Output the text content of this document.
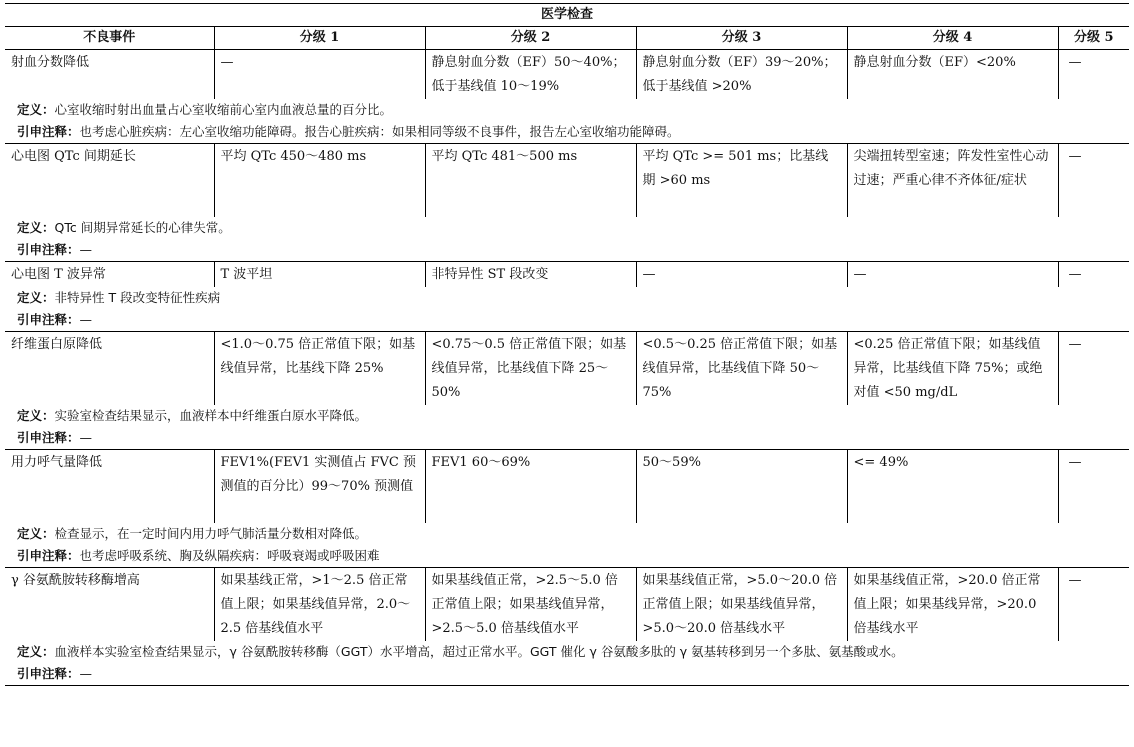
医学检查					
不良事件	分级 1	分级 2	分级 3	分级 4	分级 5
射血分数降低	—	静息射血分数（EF）50～40%；低于基线值 10～19%	静息射血分数（EF）39～20%；低于基线值 >20%	静息射血分数（EF）<20%	—
定义：心室收缩时射出血量占心室收缩前心室内血液总量的百分比。					
引申注释：也考虑心脏疾病：左心室收缩功能障碍。报告心脏疾病：如果相同等级不良事件，报告左心室收缩功能障碍。					
心电图 QTc 间期延长	平均 QTc 450～480 ms	平均 QTc 481～500 ms	平均 QTc >= 501 ms；比基线期 >60 ms	尖端扭转型室速；阵发性室性心动过速；严重心律不齐体征/症状	—
定义：QTc 间期异常延长的心律失常。					
引申注释：—					
心电图 T 波异常	T 波平坦	非特异性 ST 段改变	—	—	—
定义：非特异性 T 段改变特征性疾病					
引申注释：—					
纤维蛋白原降低	<1.0～0.75 倍正常值下限；如基线值异常，比基线下降 25%	<0.75～0.5 倍正常值下限；如基线值异常，比基线值下降 25～50%	<0.5～0.25 倍正常值下限；如基线值异常，比基线值下降 50～75%	<0.25 倍正常值下限；如基线值异常，比基线值下降 75%；或绝对值 <50 mg/dL	—
定义：实验室检查结果显示，血液样本中纤维蛋白原水平降低。					
引申注释：—					
用力呼气量降低	FEV1%(FEV1 实测值占 FVC 预测值的百分比）99～70% 预测值	FEV1 60～69%	50～59%	<= 49%	—
定义：检查显示，在一定时间内用力呼气肺活量分数相对降低。					
引申注释：也考虑呼吸系统、胸及纵隔疾病：呼吸衰竭或呼吸困难					
γ 谷氨酰胺转移酶增高	如果基线正常，>1～2.5 倍正常值上限；如果基线值异常，2.0～2.5 倍基线值水平	如果基线值正常，>2.5～5.0 倍正常值上限；如果基线值异常，>2.5～5.0 倍基线值水平	如果基线值正常，>5.0～20.0 倍正常值上限；如果基线值异常，>5.0～20.0 倍基线水平	如果基线值正常，>20.0 倍正常值上限；如果基线异常，>20.0 倍基线水平	—
定义：血液样本实验室检查结果显示，γ 谷氨酰胺转移酶（GGT）水平增高，超过正常水平。GGT 催化 γ 谷氨酸多肽的 γ 氨基转移到另一个多肽、氨基酸或水。					
引申注释：—					
